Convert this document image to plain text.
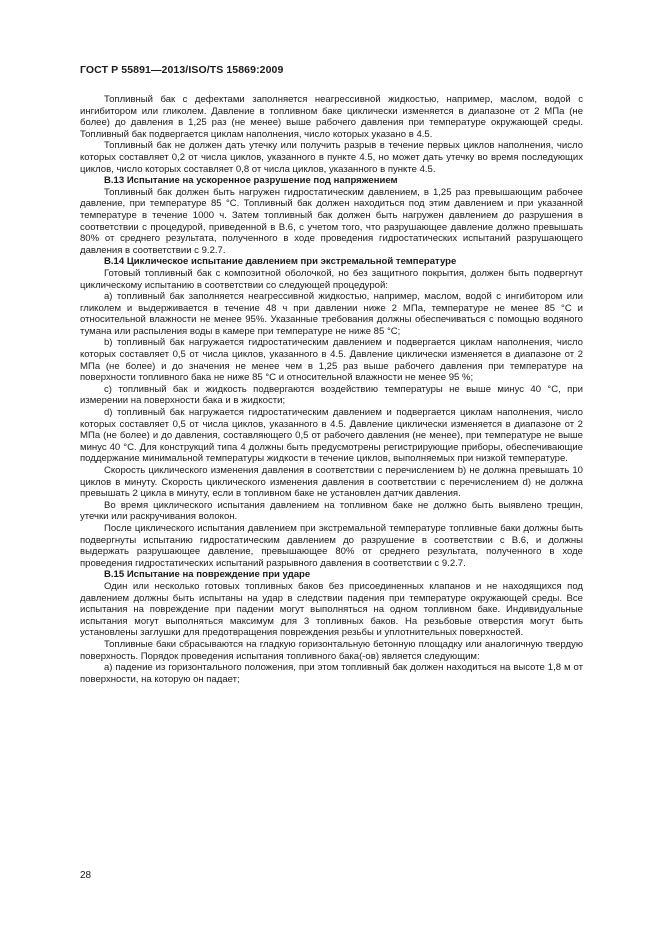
ГОСТ Р 55891—2013/ISO/TS 15869:2009

Топливный бак с дефектами заполняется неагрессивной жидкостью, например, маслом, водой с ингибитором или гликолем. Давление в топливном баке циклически изменяется в диапазоне от 2 МПа (не более) до давления в 1,25 раз (не менее) выше рабочего давления при температуре окружающей среды. Топливный бак подвергается циклам наполнения, число которых указано в 4.5.

Топливный бак не должен дать утечку или получить разрыв в течение первых циклов наполнения, число которых составляет 0,2 от числа циклов, указанного в пункте 4.5, но может дать утечку во время последующих циклов, число которых составляет 0,8 от числа циклов, указанного в пункте 4.5.

B.13 Испытание на ускоренное разрушение под напряжением

Топливный бак должен быть нагружен гидростатическим давлением, в 1,25 раз превышающим рабочее давление, при температуре 85 °С. Топливный бак должен находиться под этим давлением и при указанной температуре в течение 1000 ч. Затем топливный бак должен быть нагружен давлением до разрушения в соответствии с процедурой, приведенной в B.6, с учетом того, что разрушающее давление должно превышать 80% от среднего результата, полученного в ходе проведения гидростатических испытаний разрушающего давления в соответствии с 9.2.7.

B.14 Циклическое испытание давлением при экстремальной температуре

Готовый топливный бак с композитной оболочкой, но без защитного покрытия, должен быть подвергнут циклическому испытанию в соответствии со следующей процедурой:

a) топливный бак заполняется неагрессивной жидкостью, например, маслом, водой с ингибитором или гликолем и выдерживается в течение 48 ч при давлении ниже 2 МПа, температуре не менее 85 °С и относительной влажности не менее 95%. Указанные требования должны обеспечиваться с помощью водяного тумана или распыления воды в камере при температуре не ниже 85 °С;

b) топливный бак нагружается гидростатическим давлением и подвергается циклам наполнения, число которых составляет 0,5 от числа циклов, указанного в 4.5. Давление циклически изменяется в диапазоне от 2 МПа (не более) и до значения не менее чем в 1,25 раз выше рабочего давления при температуре на поверхности топливного бака не ниже 85 °С и относительной влажности не менее 95 %;

c) топливный бак и жидкость подвергаются воздействию температуры не выше минус 40 °С, при измерении на поверхности бака и в жидкости;

d) топливный бак нагружается гидростатическим давлением и подвергается циклам наполнения, число которых составляет 0,5 от числа циклов, указанного в 4.5. Давление циклически изменяется в диапазоне от 2 МПа (не более) и до давления, составляющего 0,5 от рабочего давления (не менее), при температуре не выше минус 40 °С. Для конструкций типа 4 должны быть предусмотрены регистрирующие приборы, обеспечивающие поддержание минимальной температуры жидкости в течение циклов, выполняемых при низкой температуре.

Скорость циклического изменения давления в соответствии с перечислением b) не должна превышать 10 циклов в минуту. Скорость циклического изменения давления в соответствии с перечислением d) не должна превышать 2 цикла в минуту, если в топливном баке не установлен датчик давления.

Во время циклического испытания давлением на топливном баке не должно быть выявлено трещин, утечки или раскручивания волокон.

После циклического испытания давлением при экстремальной температуре топливные баки должны быть подвергнуты испытанию гидростатическим давлением до разрушение в соответствии с B.6, и должны выдержать разрушающее давление, превышающее 80% от среднего результата, полученного в ходе проведения гидростатических испытаний разрывного давления в соответствии с 9.2.7.

B.15 Испытание на повреждение при ударе

Один или несколько готовых топливных баков без присоединенных клапанов и не находящихся под давлением должны быть испытаны на удар в следствии падения при температуре окружающей среды. Все испытания на повреждение при падении могут выполняться на одном топливном баке. Индивидуальные испытания могут выполняться максимум для 3 топливных баков. На резьбовые отверстия могут быть установлены заглушки для предотвращения повреждения резьбы и уплотнительных поверхностей.

Топливные баки сбрасываются на гладкую горизонтальную бетонную площадку или аналогичную твердую поверхность. Порядок проведения испытания топливного бака(-ов) является следующим:

a) падение из горизонтального положения, при этом топливный бак должен находиться на высоте 1,8 м от поверхности, на которую он падает;

28
